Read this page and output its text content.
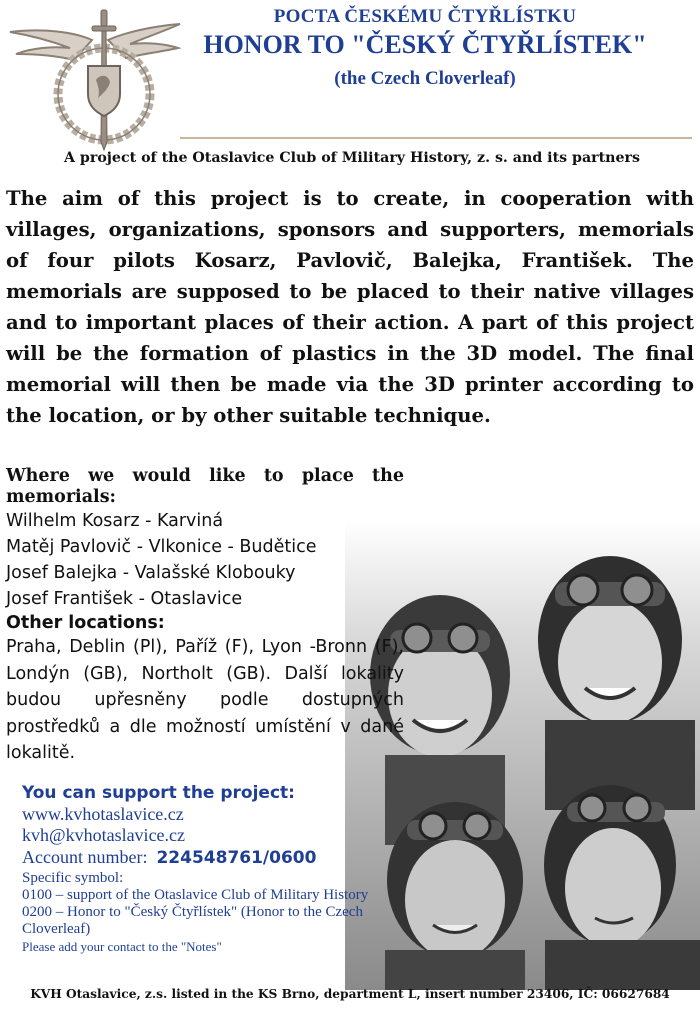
POCTA ČESKÉMU ČTYŘLÍSTKU
HONOR TO "ČESKÝ ČTYŘLÍSTEK"
(the Czech Cloverleaf)
A project of the Otaslavice Club of Military History, z. s. and its partners
The aim of this project is to create, in cooperation with villages, organizations, sponsors and supporters, memorials of four pilots Kosarz, Pavlovič, Balejka, František. The memorials are supposed to be placed to their native villages and to important places of their action. A part of this project will be the formation of plastics in the 3D model. The final memorial will then be made via the 3D printer according to the location, or by other suitable technique.
Where we would like to place the memorials:
Wilhelm Kosarz - Karviná
Matěj Pavlovič - Vlkonice - Budětice
Josef Balejka - Valašské Klobouky
Josef František - Otaslavice
Other locations:
Praha, Deblin (Pl), Paříž (F), Lyon -Bronn (F), Londýn (GB), Northolt (GB). Další lokality budou upřesněny podle dostupných prostředků a dle možností umístění v dané lokalitě.
You can support the project:
www.kvhotaslavice.cz
kvh@kvhotaslavice.cz
Account number: 224548761/0600
Specific symbol:
0100 – support of the Otaslavice Club of Military History
0200 – Honor to "Český Čtyřlístek" (Honor to the Czech Cloverleaf)
Please add your contact to the "Notes"
KVH Otaslavice, z.s. listed in the KS Brno, department L, insert number 23406, IČ: 06627684
